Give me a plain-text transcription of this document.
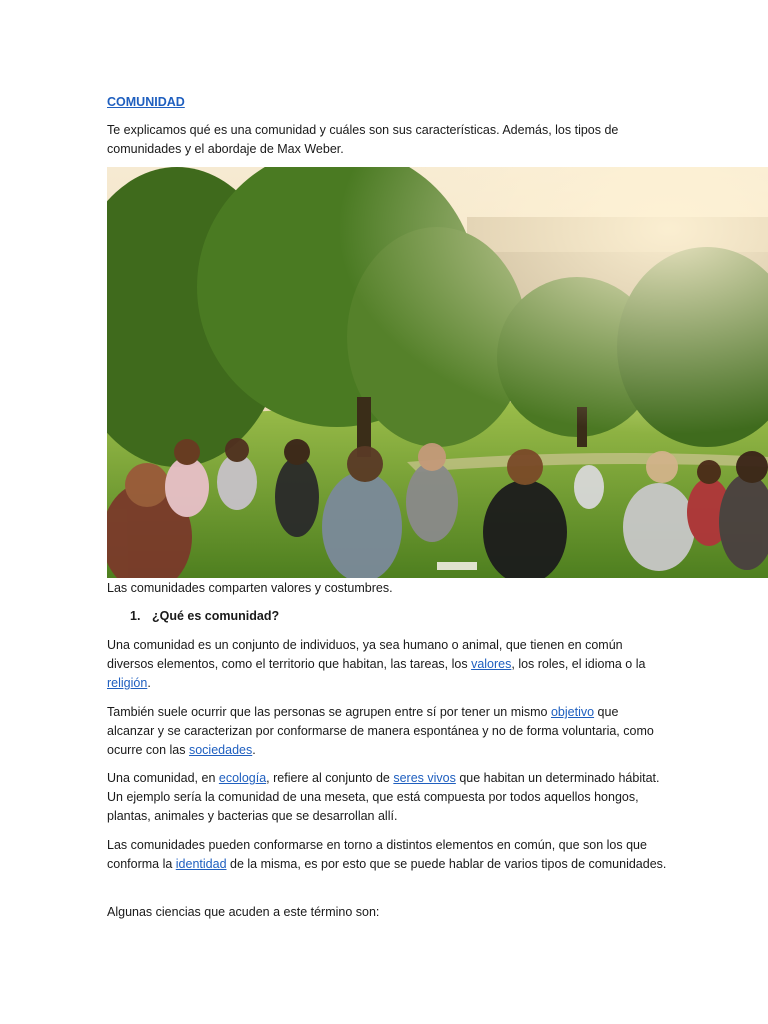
COMUNIDAD
Te explicamos qué es una comunidad y cuáles son sus características. Además, los tipos de comunidades y el abordaje de Max Weber.
Las comunidades comparten valores y costumbres.
1. ¿Qué es comunidad?

Una comunidad es un conjunto de individuos, ya sea humano o animal, que tienen en común diversos elementos, como el territorio que habitan, las tareas, los valores, los roles, el idioma o la religión.

También suele ocurrir que las personas se agrupen entre sí por tener un mismo objetivo que alcanzar y se caracterizan por conformarse de manera espontánea y no de forma voluntaria, como ocurre con las sociedades.

Una comunidad, en ecología, refiere al conjunto de seres vivos que habitan un determinado hábitat. Un ejemplo sería la comunidad de una meseta, que está compuesta por todos aquellos hongos, plantas, animales y bacterias que se desarrollan allí.

Las comunidades pueden conformarse en torno a distintos elementos en común, que son los que conforma la identidad de la misma, es por esto que se puede hablar de varios tipos de comunidades.

Algunas ciencias que acuden a este término son:
